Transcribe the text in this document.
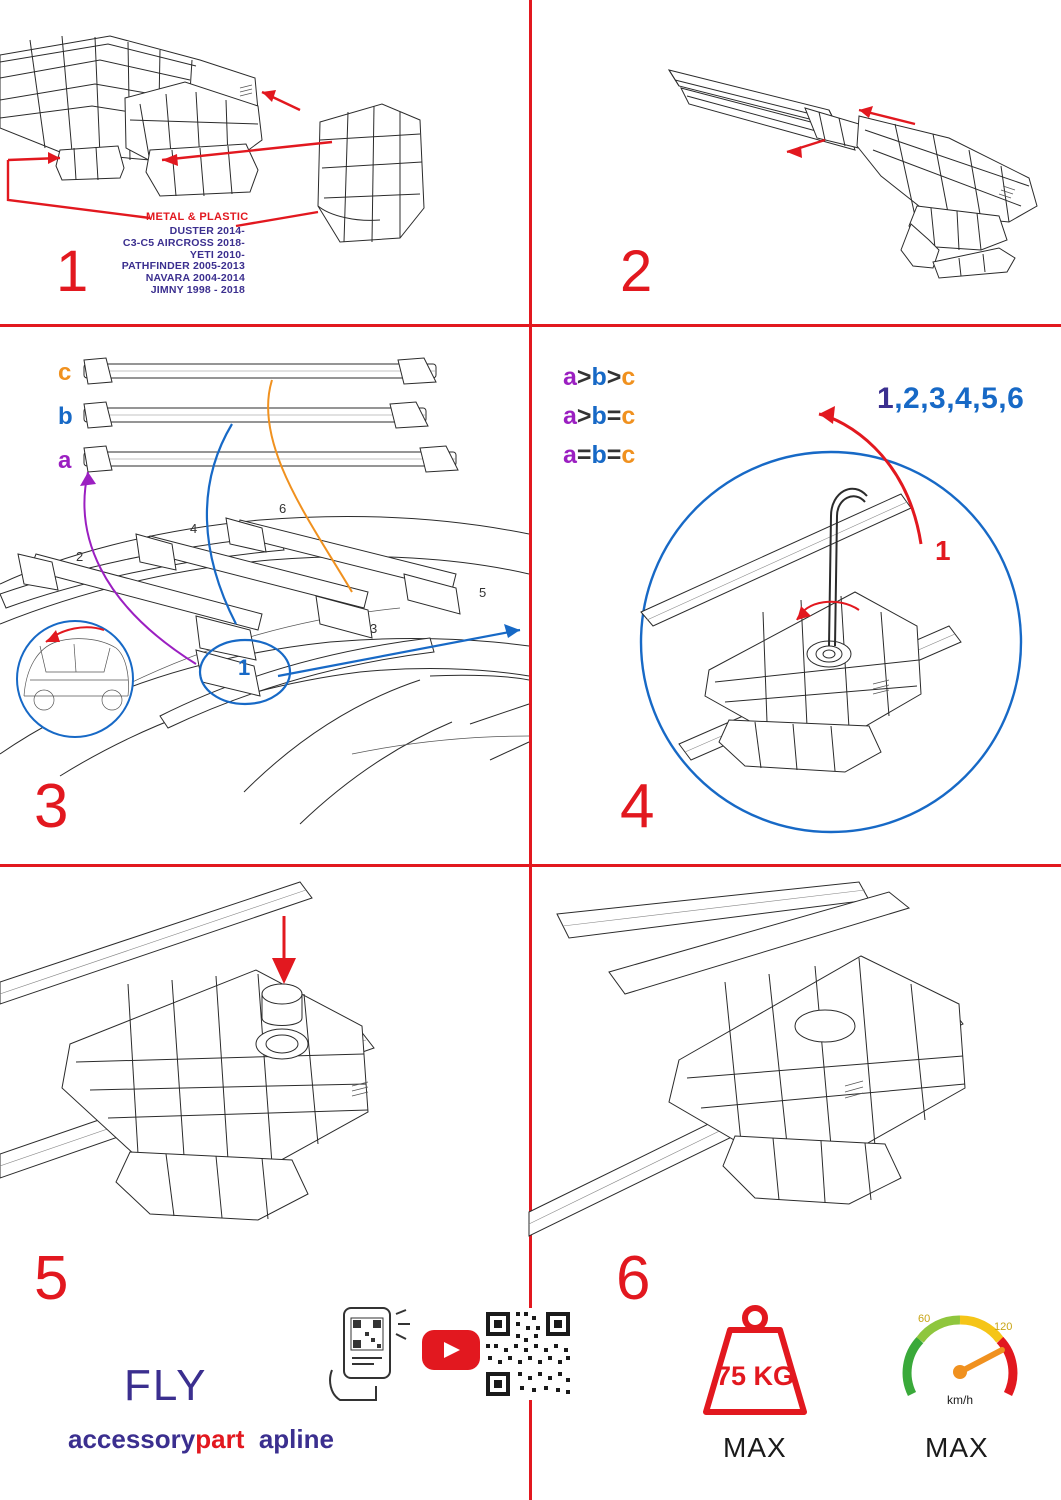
METAL & PLASTIC
DUSTER 2014-
C3-C5 AIRCROSS 2018-
YETI 2010-
PATHFINDER 2005-2013
NAVARA 2004-2014
JIMNY 1998 - 2018
1	2
c
b
a
2
4
6
3
5
1
a>b>c
a>b=c
a=b=c
3
1,2,3,4,5,6
1
4
5	6
FLY
accessorypart apline
75 KG
MAX
60
120
km/h
MAX
